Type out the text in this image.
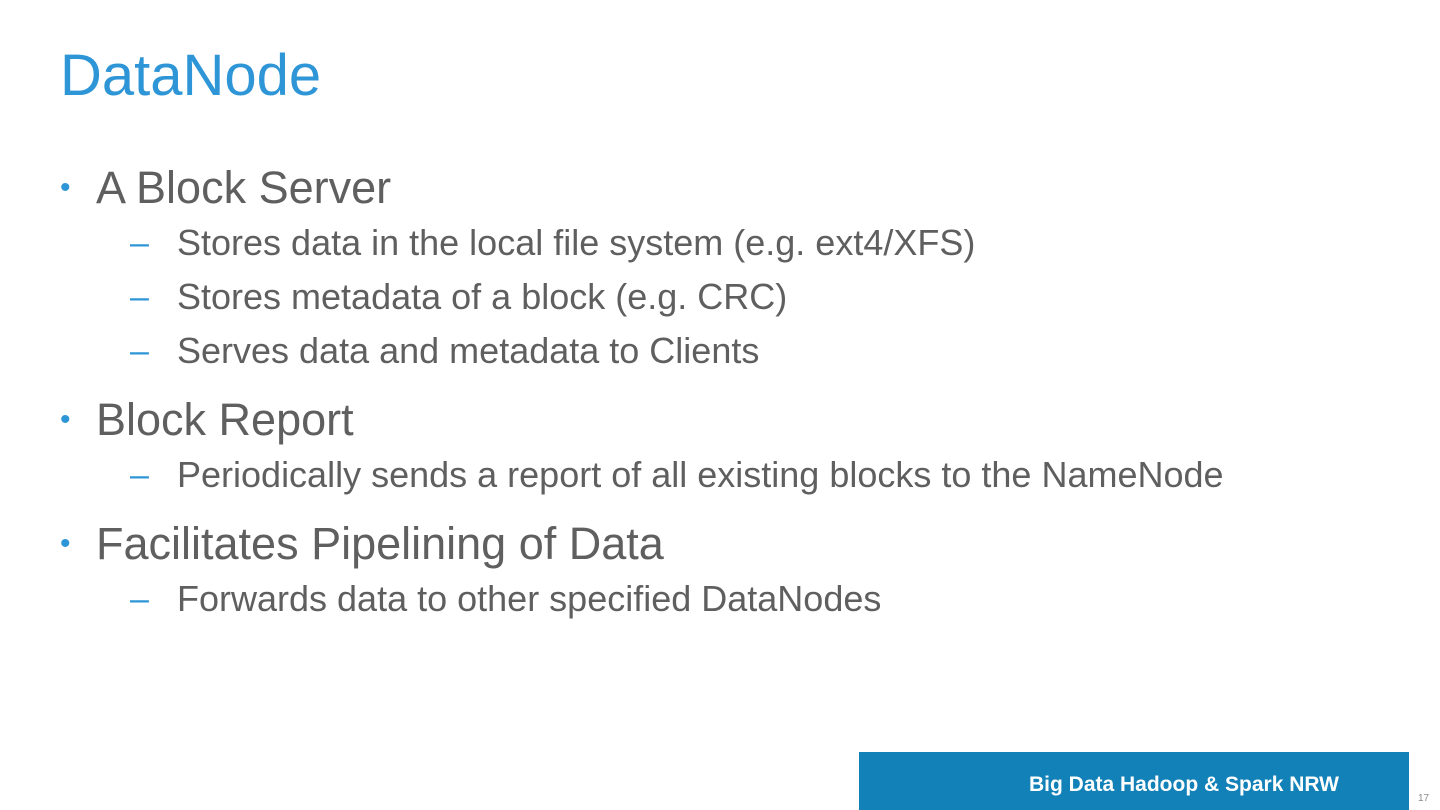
DataNode
• A Block Server
– Stores data in the local file system (e.g. ext4/XFS)
– Stores metadata of a block (e.g. CRC)
– Serves data and metadata to Clients
• Block Report
– Periodically sends a report of all existing blocks to the NameNode
• Facilitates Pipelining of Data
– Forwards data to other specified DataNodes
Big Data Hadoop & Spark NRW
17
